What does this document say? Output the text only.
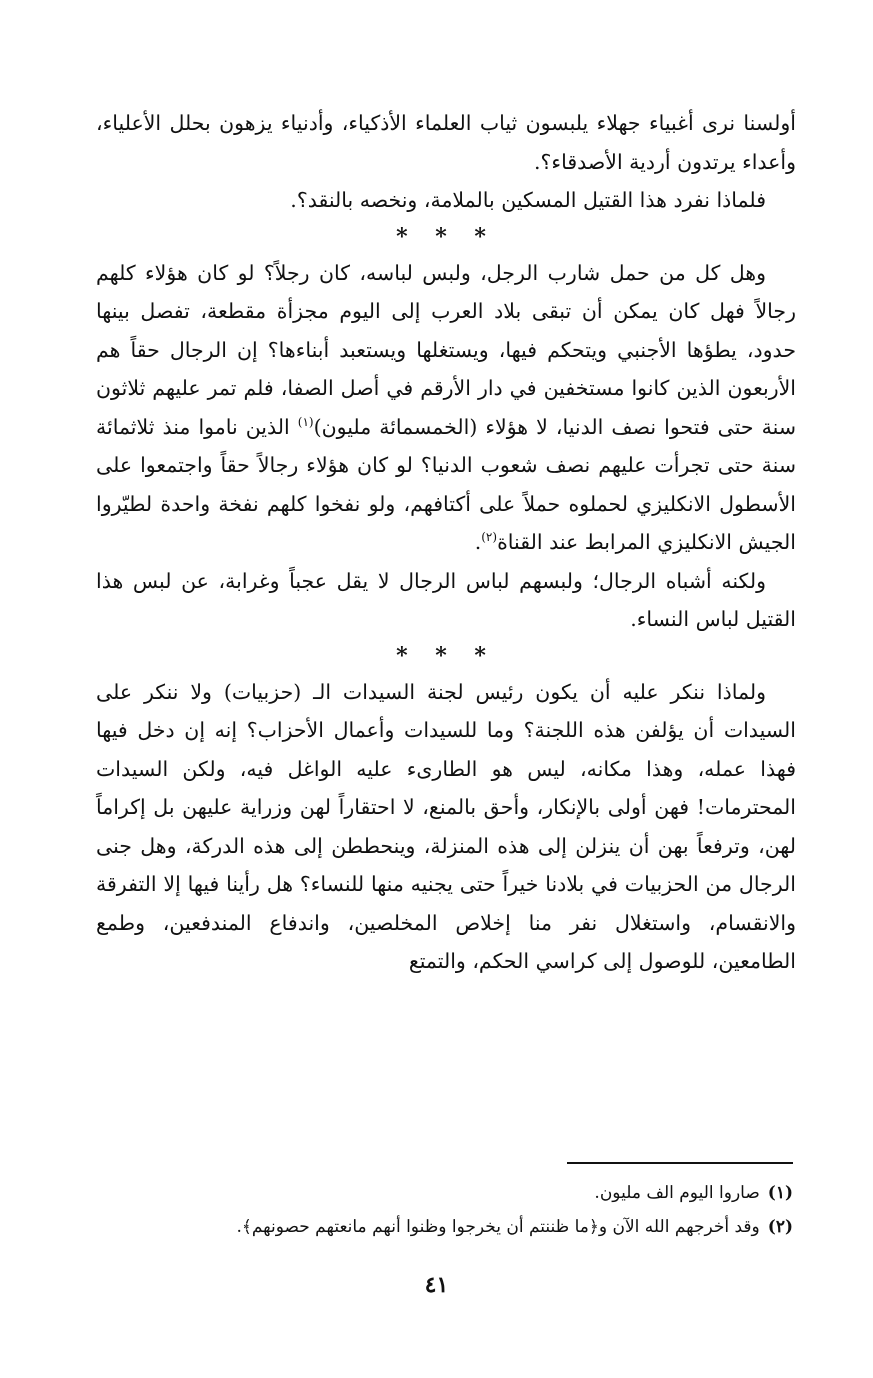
أولسنا نرى أغبياء جهلاء يلبسون ثياب العلماء الأذكياء، وأدنياء يزهون بحلل الأعلياء، وأعداء يرتدون أردية الأصدقاء؟.

فلماذا نفرد هذا القتيل المسكين بالملامة، ونخصه بالنقد؟.

* * *

وهل كل من حمل شارب الرجل، ولبس لباسه، كان رجلاً؟ لو كان هؤلاء كلهم رجالاً فهل كان يمكن أن تبقى بلاد العرب إلى اليوم مجزأة مقطعة، تفصل بينها حدود، يطؤها الأجنبي ويتحكم فيها، ويستغلها ويستعبد أبناءها؟ إن الرجال حقاً هم الأربعون الذين كانوا مستخفين في دار الأرقم في أصل الصفا، فلم تمر عليهم ثلاثون سنة حتى فتحوا نصف الدنيا، لا هؤلاء (الخمسمائة مليون)$^{(١)}$ الذين ناموا منذ ثلاثمائة سنة حتى تجرأت عليهم نصف شعوب الدنيا؟ لو كان هؤلاء رجالاً حقاً واجتمعوا على الأسطول الانكليزي لحملوه حملاً على أكتافهم، ولو نفخوا كلهم نفخة واحدة لطيّروا الجيش الانكليزي المرابط عند القناة$^{(٢)}$.

ولكنه أشباه الرجال؛ ولبسهم لباس الرجال لا يقل عجباً وغرابة، عن لبس هذا القتيل لباس النساء.

* * *

ولماذا ننكر عليه أن يكون رئيس لجنة السيدات الـ (حزبيات) ولا ننكر على السيدات أن يؤلفن هذه اللجنة؟ وما للسيدات وأعمال الأحزاب؟ إنه إن دخل فيها فهذا عمله، وهذا مكانه، ليس هو الطارىء عليه الواغل فيه، ولكن السيدات المحترمات! فهن أولى بالإنكار، وأحق بالمنع، لا احتقاراً لهن وزراية عليهن بل إكراماً لهن، وترفعاً بهن أن ينزلن إلى هذه المنزلة، وينحططن إلى هذه الدركة، وهل جنى الرجال من الحزبيات في بلادنا خيراً حتى يجنيه منها للنساء؟ هل رأينا فيها إلا التفرقة والانقسام، واستغلال نفر منا إخلاص المخلصين، واندفاع المندفعين، وطمع الطامعين، للوصول إلى كراسي الحكم، والتمتع

(١)صاروا اليوم الف مليون.

(٢)وقد أخرجهم الله الآن و﴿ما ظننتم أن يخرجوا وظنوا أنهم مانعتهم حصونهم﴾.

٤١
